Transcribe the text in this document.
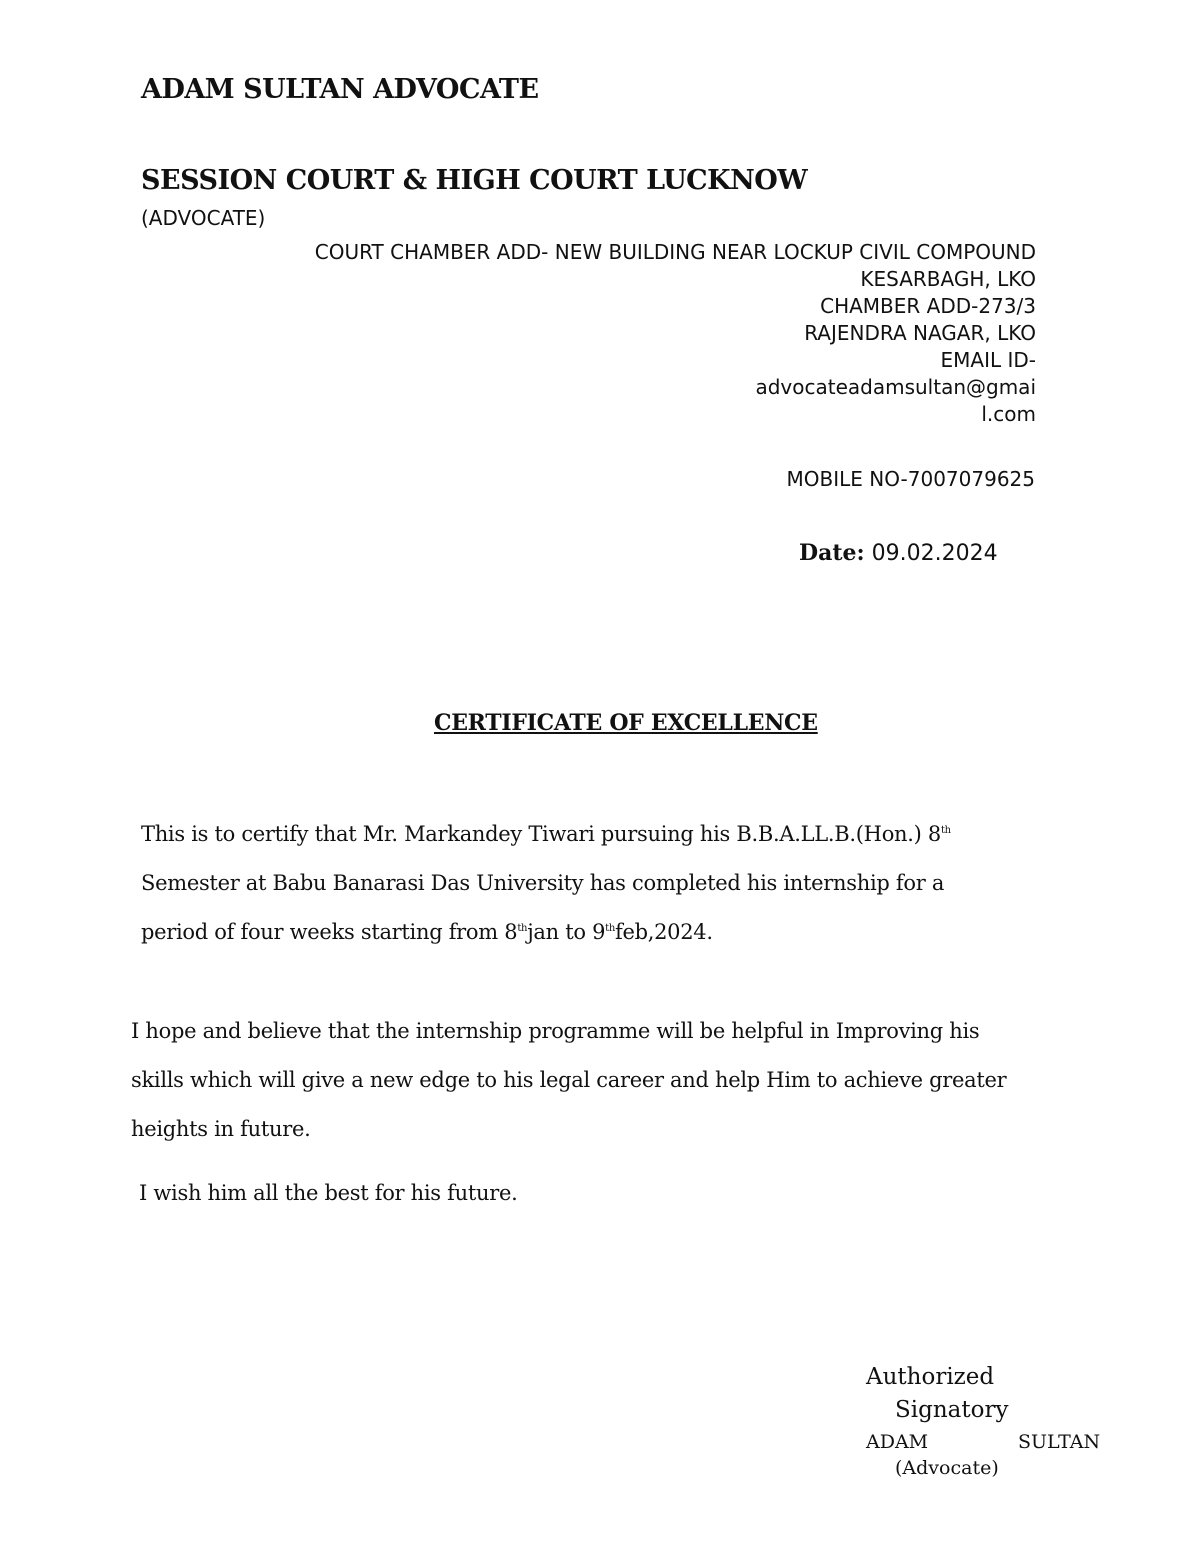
ADAM SULTAN ADVOCATE
SESSION COURT & HIGH COURT LUCKNOW
(ADVOCATE)
COURT CHAMBER ADD- NEW BUILDING NEAR LOCKUP CIVIL COMPOUND
KESARBAGH, LKO
CHAMBER ADD-273/3
RAJENDRA NAGAR, LKO
EMAIL ID-
advocateadamsultan@gmai
l.com
MOBILE NO-7007079625
Date: 09.02.2024
CERTIFICATE OF EXCELLENCE
This is to certify that Mr. Markandey Tiwari pursuing his B.B.A.LL.B.(Hon.) 8th
Semester at Babu Banarasi Das University has completed his internship for a
period of four weeks starting from 8thjan to 9thfeb,2024.
I hope and believe that the internship programme will be helpful in Improving his
skills which will give a new edge to his legal career and help Him to achieve greater
heights in future.
I wish him all the best for his future.
Authorized
Signatory
ADAM	SULTAN
(Advocate)
